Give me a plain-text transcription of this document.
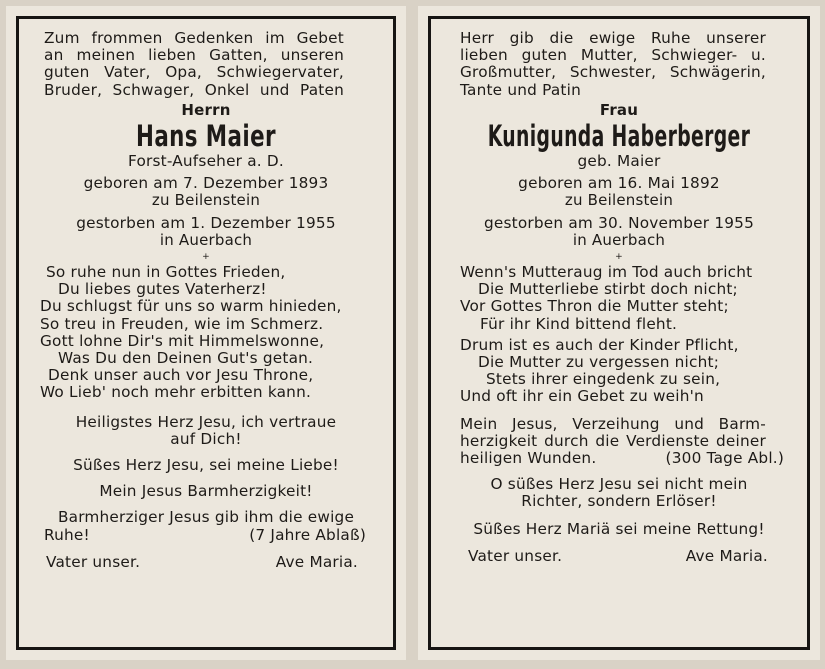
Zum frommen Gedenken im Gebet
an meinen lieben Gatten, unseren
guten Vater, Opa, Schwiegervater,
Bruder, Schwager, Onkel und Paten
Herrn
Hans Maier
Forst-Aufseher a. D.
geboren am 7. Dezember 1893
zu Beilenstein
gestorben am 1. Dezember 1955
in Auerbach
+
So ruhe nun in Gottes Frieden,
Du liebes gutes Vaterherz!
Du schlugst für uns so warm hinieden,
So treu in Freuden, wie im Schmerz.
Gott lohne Dir's mit Himmelswonne,
Was Du den Deinen Gut's getan.
Denk unser auch vor Jesu Throne,
Wo Lieb' noch mehr erbitten kann.
Heiligstes Herz Jesu, ich vertraue
auf Dich!
Süßes Herz Jesu, sei meine Liebe!
Mein Jesus Barmherzigkeit!
Barmherziger Jesus gib ihm die ewige
Ruhe!	(7 Jahre Ablaß)
Vater unser.	Ave Maria.
Herr gib die ewige Ruhe unserer
lieben guten Mutter, Schwieger- u.
Großmutter, Schwester, Schwägerin,
Tante und Patin
Frau
Kunigunda Haberberger
geb. Maier
geboren am 16. Mai 1892
zu Beilenstein
gestorben am 30. November 1955
in Auerbach
+
Wenn's Mutteraug im Tod auch bricht
Die Mutterliebe stirbt doch nicht;
Vor Gottes Thron die Mutter steht;
Für ihr Kind bittend fleht.
Drum ist es auch der Kinder Pflicht,
Die Mutter zu vergessen nicht;
Stets ihrer eingedenk zu sein,
Und oft ihr ein Gebet zu weih'n
Mein Jesus, Verzeihung und Barm-
herzigkeit durch die Verdienste deiner
heiligen Wunden.	(300 Tage Abl.)
O süßes Herz Jesu sei nicht mein
Richter, sondern Erlöser!
Süßes Herz Mariä sei meine Rettung!
Vater unser.	Ave Maria.
